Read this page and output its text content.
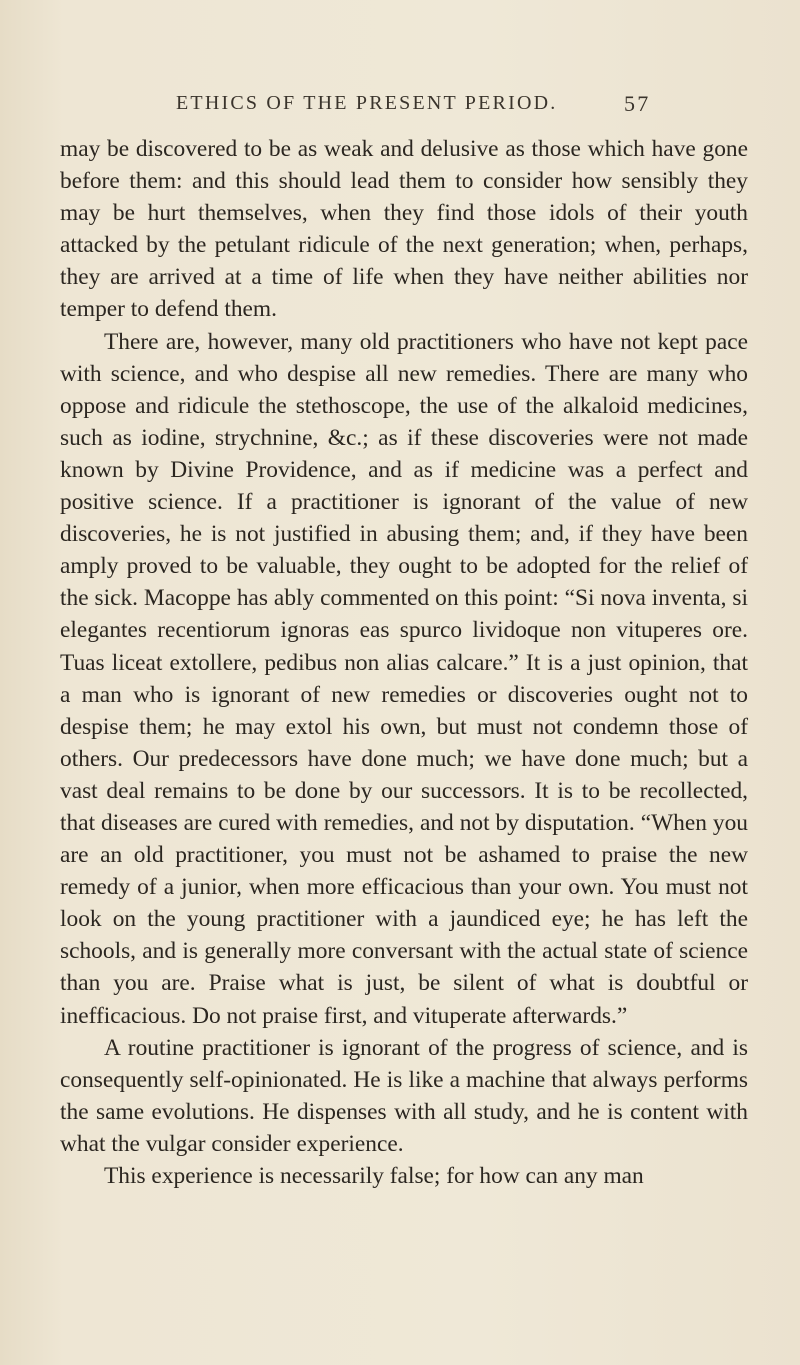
ETHICS OF THE PRESENT PERIOD.	57

may be discovered to be as weak and delusive as those which have gone before them: and this should lead them to consider how sensibly they may be hurt themselves, when they find those idols of their youth attacked by the petulant ridicule of the next generation; when, perhaps, they are arrived at a time of life when they have neither abilities nor temper to defend them.

There are, however, many old practitioners who have not kept pace with science, and who despise all new remedies. There are many who oppose and ridicule the stethoscope, the use of the alkaloid medicines, such as iodine, strychnine, &c.; as if these discoveries were not made known by Divine Providence, and as if medicine was a perfect and positive science. If a practitioner is ignorant of the value of new discoveries, he is not justified in abusing them; and, if they have been amply proved to be valuable, they ought to be adopted for the relief of the sick. Macoppe has ably commented on this point: “Si nova inventa, si elegantes recentiorum ignoras eas spurco lividoque non vituperes ore. Tuas liceat extollere, pedibus non alias calcare.” It is a just opinion, that a man who is ignorant of new remedies or discoveries ought not to despise them; he may extol his own, but must not condemn those of others. Our predecessors have done much; we have done much; but a vast deal remains to be done by our successors. It is to be recollected, that diseases are cured with remedies, and not by disputation. “When you are an old practitioner, you must not be ashamed to praise the new remedy of a junior, when more efficacious than your own. You must not look on the young practitioner with a jaundiced eye; he has left the schools, and is generally more conversant with the actual state of science than you are. Praise what is just, be silent of what is doubtful or inefficacious. Do not praise first, and vituperate afterwards.”

A routine practitioner is ignorant of the progress of science, and is consequently self-opinionated. He is like a machine that always performs the same evolutions. He dispenses with all study, and he is content with what the vulgar consider experience.

This experience is necessarily false; for how can any man
